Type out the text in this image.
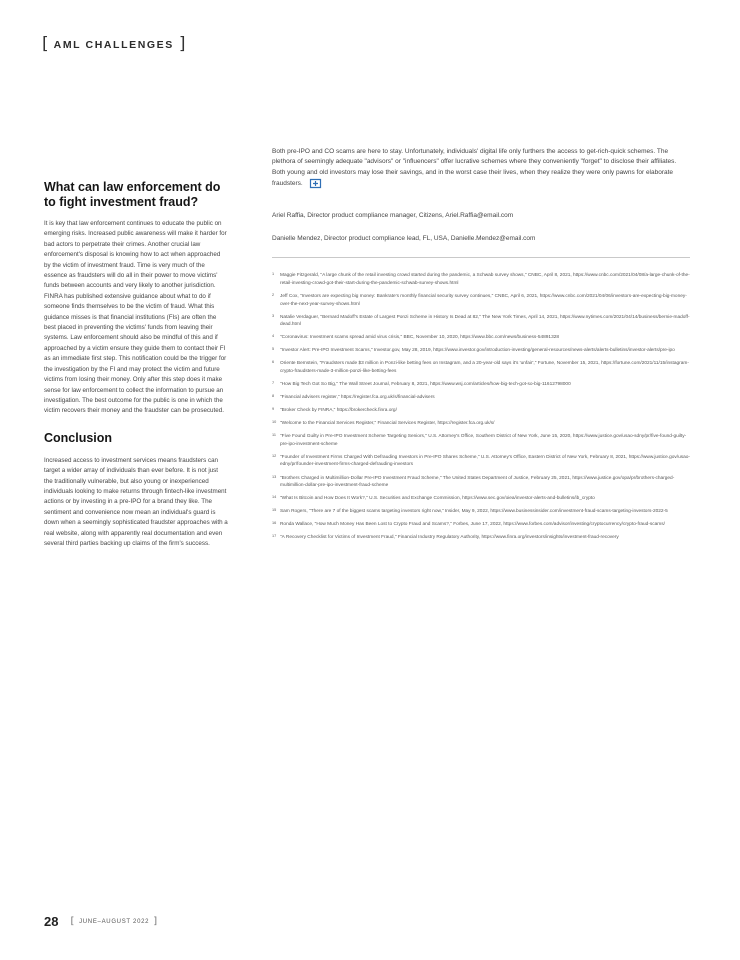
[ AML CHALLENGES ]
What can law enforcement do to fight investment fraud?

It is key that law enforcement continues to educate the public on emerging risks. Increased public awareness will make it harder for bad actors to perpetrate their crimes. Another crucial law enforcement's disposal is knowing how to act when approached by the victim of investment fraud. Time is very much of the essence as fraudsters will do all in their power to move victims' funds between accounts and very likely to another jurisdiction. FINRA has published extensive guidance about what to do if someone finds themselves to be the victim of fraud. What this guidance misses is that financial institutions (FIs) are often the best placed in preventing the victims' funds from leaving their systems. Law enforcement should also be mindful of this and if approached by a victim ensure they guide them to contact their FI as an immediate first step. This notification could be the trigger for the investigation by the FI and may protect the victim and future victims from losing their money. Only after this step does it make sense for law enforcement to collect the information to pursue an investigation. The best outcome for the public is one in which the victim recovers their money and the fraudster can be prosecuted.

Conclusion

Increased access to investment services means fraudsters can target a wider array of individuals than ever before. It is not just the traditionally vulnerable, but also young or inexperienced individuals looking to make returns through fintech-like investment actions or by investing in a pre-IPO for a brand they like. The sentiment and convenience now mean an individual's guard is down when a seemingly sophisticated fraudster approaches with a real website, along with apparently real documentation and even several third parties backing up claims of the firm's success.

Both pre-IPO and CO scams are here to stay. Unfortunately, individuals' digital life only furthers the access to get-rich-quick schemes. The plethora of seemingly adequate "advisors" or "influencers" offer lucrative schemes where they conveniently "forget" to disclose their affiliates. Both young and old investors may lose their savings, and in the worst case their lives, when they realize they were only pawns for elaborate fraudsters.

Ariel Raffia, Director product compliance manager, Citizens, Ariel.Raffia@email.com

Danielle Mendez, Director product compliance lead, FL, USA, Danielle.Mendez@email.com

1 Maggie Fitzgerald, "A large chunk of the retail investing crowd started during the pandemic, a Schwab survey shows," CNBC, April 8, 2021, https://www.cnbc.com/2021/04/08/a-large-chunk-of-the-retail-investing-crowd-got-their-start-during-the-pandemic-schwab-survey-shows.html
2 Jeff Cox, "Investors are expecting big money: Bankrate's monthly financial security survey continues," CNBC, April 6, 2021, https://www.cnbc.com/2021/04/06/investors-are-expecting-big-money-over-the-next-year-survey-shows.html
3 Natalie Verdaguer, "Bernard Madoff's Estate of Largest Ponzi Scheme in History Is Dead at 82," The New York Times, April 14, 2021, https://www.nytimes.com/2021/04/14/business/bernie-madoff-dead.html
4 "Coronavirus: Investment scams spread amid virus crisis," BBC, November 10, 2020, https://www.bbc.com/news/business-54891328
5 "Investor Alert: Pre-IPO Investment Scams," Investor.gov, May 28, 2019, https://www.investor.gov/introduction-investing/general-resources/news-alerts/alerts-bulletins/investor-alerts/pre-ipo
6 Oriente Bernstein, "Fraudsters made $3 million in Ponzi-like betting fees on Instagram, and a 20-year-old says it's 'unfair'," Fortune, November 15, 2021, https://fortune.com/2021/11/15/instagram-crypto-fraudsters-made-3-million-ponzi-like-betting-fees
7 "How Big Tech Got So Big," The Wall Street Journal, February 8, 2021, https://www.wsj.com/articles/how-big-tech-got-so-big-11612798000
8 "Financial advisers register," https://register.fca.org.uk/s/financial-advisers
9 "Broker Check by FINRA," https://brokercheck.finra.org/
10 "Welcome to the Financial Services Register," Financial Services Register, https://register.fca.org.uk/s/
11 "Five Found Guilty in Pre-IPO Investment Scheme Targeting Seniors," U.S. Attorney's Office, Southern District of New York, June 15, 2020, https://www.justice.gov/usao-sdny/pr/five-found-guilty-pre-ipo-investment-scheme
12 "Founder of Investment Firms Charged With Defrauding Investors in Pre-IPO Shares Scheme," U.S. Attorney's Office, Eastern District of New York, February 8, 2021, https://www.justice.gov/usao-edny/pr/founder-investment-firms-charged-defrauding-investors
13 "Brothers Charged in Multimillion-Dollar Pre-IPO Investment Fraud Scheme," The United States Department of Justice, February 25, 2021, https://www.justice.gov/opa/pr/brothers-charged-multimillion-dollar-pre-ipo-investment-fraud-scheme
14 "What Is Bitcoin and How Does It Work?," U.S. Securities and Exchange Commission, https://www.sec.gov/oiea/investor-alerts-and-bulletins/ib_crypto
15 Sam Rogers, "There are 7 of the biggest scams targeting investors right now," Insider, May 9, 2022, https://www.businessinsider.com/investment-fraud-scams-targeting-investors-2022-5
16 Ronda Wallace, "How Much Money Has Been Lost to Crypto Fraud and Scams?," Forbes, June 17, 2022, https://www.forbes.com/advisor/investing/cryptocurrency/crypto-fraud-scams/
17 "A Recovery Checklist for Victims of Investment Fraud," Financial Industry Regulatory Authority, https://www.finra.org/investors/insights/investment-fraud-recovery
28 [ JUNE–AUGUST 2022 ]
